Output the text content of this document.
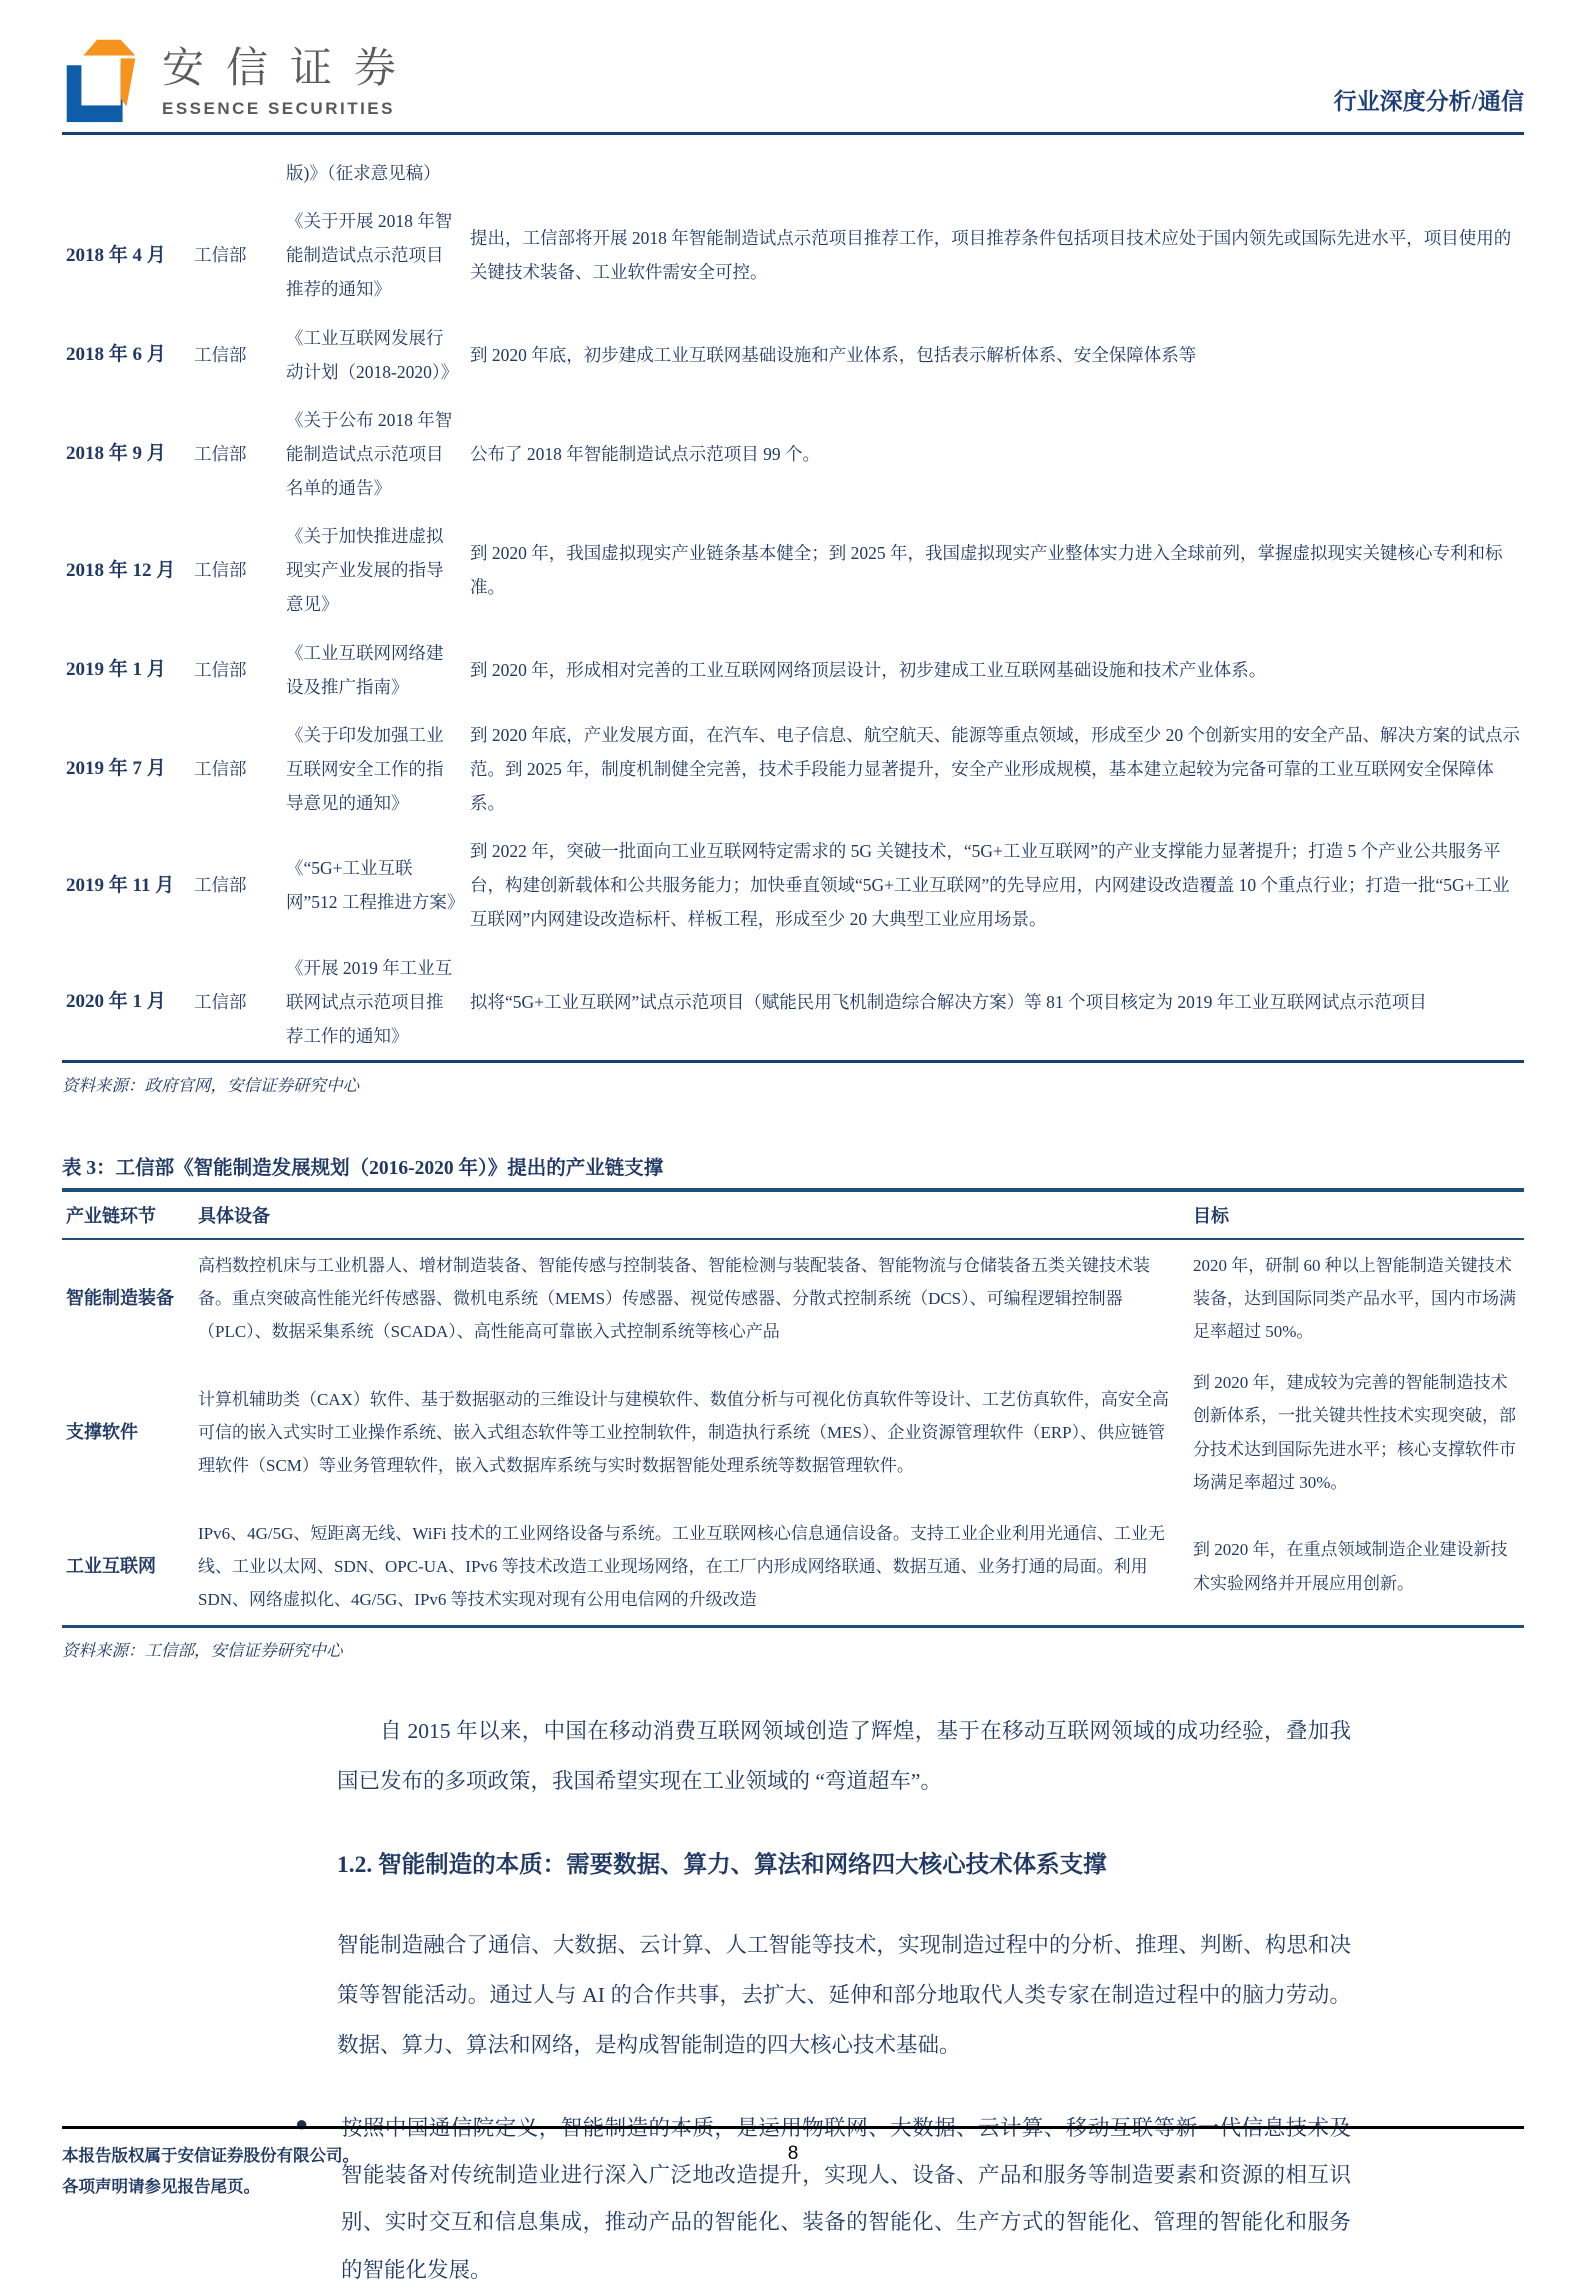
安信证券
ESSENCE SECURITIES	行业深度分析/通信
		版)》（征求意见稿）	
2018 年 4 月	工信部	《关于开展 2018 年智能制造试点示范项目推荐的通知》	提出，工信部将开展 2018 年智能制造试点示范项目推荐工作，项目推荐条件包括项目技术应处于国内领先或国际先进水平，项目使用的关键技术装备、工业软件需安全可控。
2018 年 6 月	工信部	《工业互联网发展行动计划（2018-2020）》	到 2020 年底，初步建成工业互联网基础设施和产业体系，包括表示解析体系、安全保障体系等
2018 年 9 月	工信部	《关于公布 2018 年智能制造试点示范项目名单的通告》	公布了 2018 年智能制造试点示范项目 99 个。
2018 年 12 月	工信部	《关于加快推进虚拟现实产业发展的指导意见》	到 2020 年，我国虚拟现实产业链条基本健全；到 2025 年，我国虚拟现实产业整体实力进入全球前列，掌握虚拟现实关键核心专利和标准。
2019 年 1 月	工信部	《工业互联网网络建设及推广指南》	到 2020 年，形成相对完善的工业互联网网络顶层设计，初步建成工业互联网基础设施和技术产业体系。
2019 年 7 月	工信部	《关于印发加强工业互联网安全工作的指导意见的通知》	到 2020 年底，产业发展方面，在汽车、电子信息、航空航天、能源等重点领域，形成至少 20 个创新实用的安全产品、解决方案的试点示范。到 2025 年，制度机制健全完善，技术手段能力显著提升，安全产业形成规模，基本建立起较为完备可靠的工业互联网安全保障体系。
2019 年 11 月	工信部	《“5G+工业互联网”512 工程推进方案》	到 2022 年，突破一批面向工业互联网特定需求的 5G 关键技术，“5G+工业互联网”的产业支撑能力显著提升；打造 5 个产业公共服务平台，构建创新载体和公共服务能力；加快垂直领域“5G+工业互联网”的先导应用，内网建设改造覆盖 10 个重点行业；打造一批“5G+工业互联网”内网建设改造标杆、样板工程，形成至少 20 大典型工业应用场景。
2020 年 1 月	工信部	《开展 2019 年工业互联网试点示范项目推荐工作的通知》	拟将“5G+工业互联网”试点示范项目（赋能民用飞机制造综合解决方案）等 81 个项目核定为 2019 年工业互联网试点示范项目
资料来源：政府官网，安信证券研究中心
表 3：工信部《智能制造发展规划（2016-2020 年）》提出的产业链支撑
产业链环节	具体设备	目标
智能制造装备	高档数控机床与工业机器人、增材制造装备、智能传感与控制装备、智能检测与装配装备、智能物流与仓储装备五类关键技术装备。重点突破高性能光纤传感器、微机电系统（MEMS）传感器、视觉传感器、分散式控制系统（DCS）、可编程逻辑控制器（PLC）、数据采集系统（SCADA）、高性能高可靠嵌入式控制系统等核心产品	2020 年，研制 60 种以上智能制造关键技术装备，达到国际同类产品水平，国内市场满足率超过 50%。
支撑软件	计算机辅助类（CAX）软件、基于数据驱动的三维设计与建模软件、数值分析与可视化仿真软件等设计、工艺仿真软件，高安全高可信的嵌入式实时工业操作系统、嵌入式组态软件等工业控制软件，制造执行系统（MES）、企业资源管理软件（ERP）、供应链管理软件（SCM）等业务管理软件，嵌入式数据库系统与实时数据智能处理系统等数据管理软件。	到 2020 年，建成较为完善的智能制造技术创新体系，一批关键共性技术实现突破，部分技术达到国际先进水平；核心支撑软件市场满足率超过 30%。
工业互联网	IPv6、4G/5G、短距离无线、WiFi 技术的工业网络设备与系统。工业互联网核心信息通信设备。支持工业企业利用光通信、工业无线、工业以太网、SDN、OPC-UA、IPv6 等技术改造工业现场网络，在工厂内形成网络联通、数据互通、业务打通的局面。利用 SDN、网络虚拟化、4G/5G、IPv6 等技术实现对现有公用电信网的升级改造	到 2020 年，在重点领域制造企业建设新技术实验网络并开展应用创新。
资料来源：工信部，安信证券研究中心

自 2015 年以来，中国在移动消费互联网领域创造了辉煌，基于在移动互联网领域的成功经验，叠加我国已发布的多项政策，我国希望实现在工业领域的 “弯道超车”。

1.2. 智能制造的本质：需要数据、算力、算法和网络四大核心技术体系支撑

智能制造融合了通信、大数据、云计算、人工智能等技术，实现制造过程中的分析、推理、判断、构思和决策等智能活动。通过人与 AI 的合作共事，去扩大、延伸和部分地取代人类专家在制造过程中的脑力劳动。数据、算力、算法和网络，是构成智能制造的四大核心技术基础。

● 按照中国通信院定义，智能制造的本质，是运用物联网、大数据、云计算、移动互联等新一代信息技术及智能装备对传统制造业进行深入广泛地改造提升，实现人、设备、产品和服务等制造要素和资源的相互识别、实时交互和信息集成，推动产品的智能化、装备的智能化、生产方式的智能化、管理的智能化和服务的智能化发展。
本报告版权属于安信证券股份有限公司。
各项声明请参见报告尾页。
8
